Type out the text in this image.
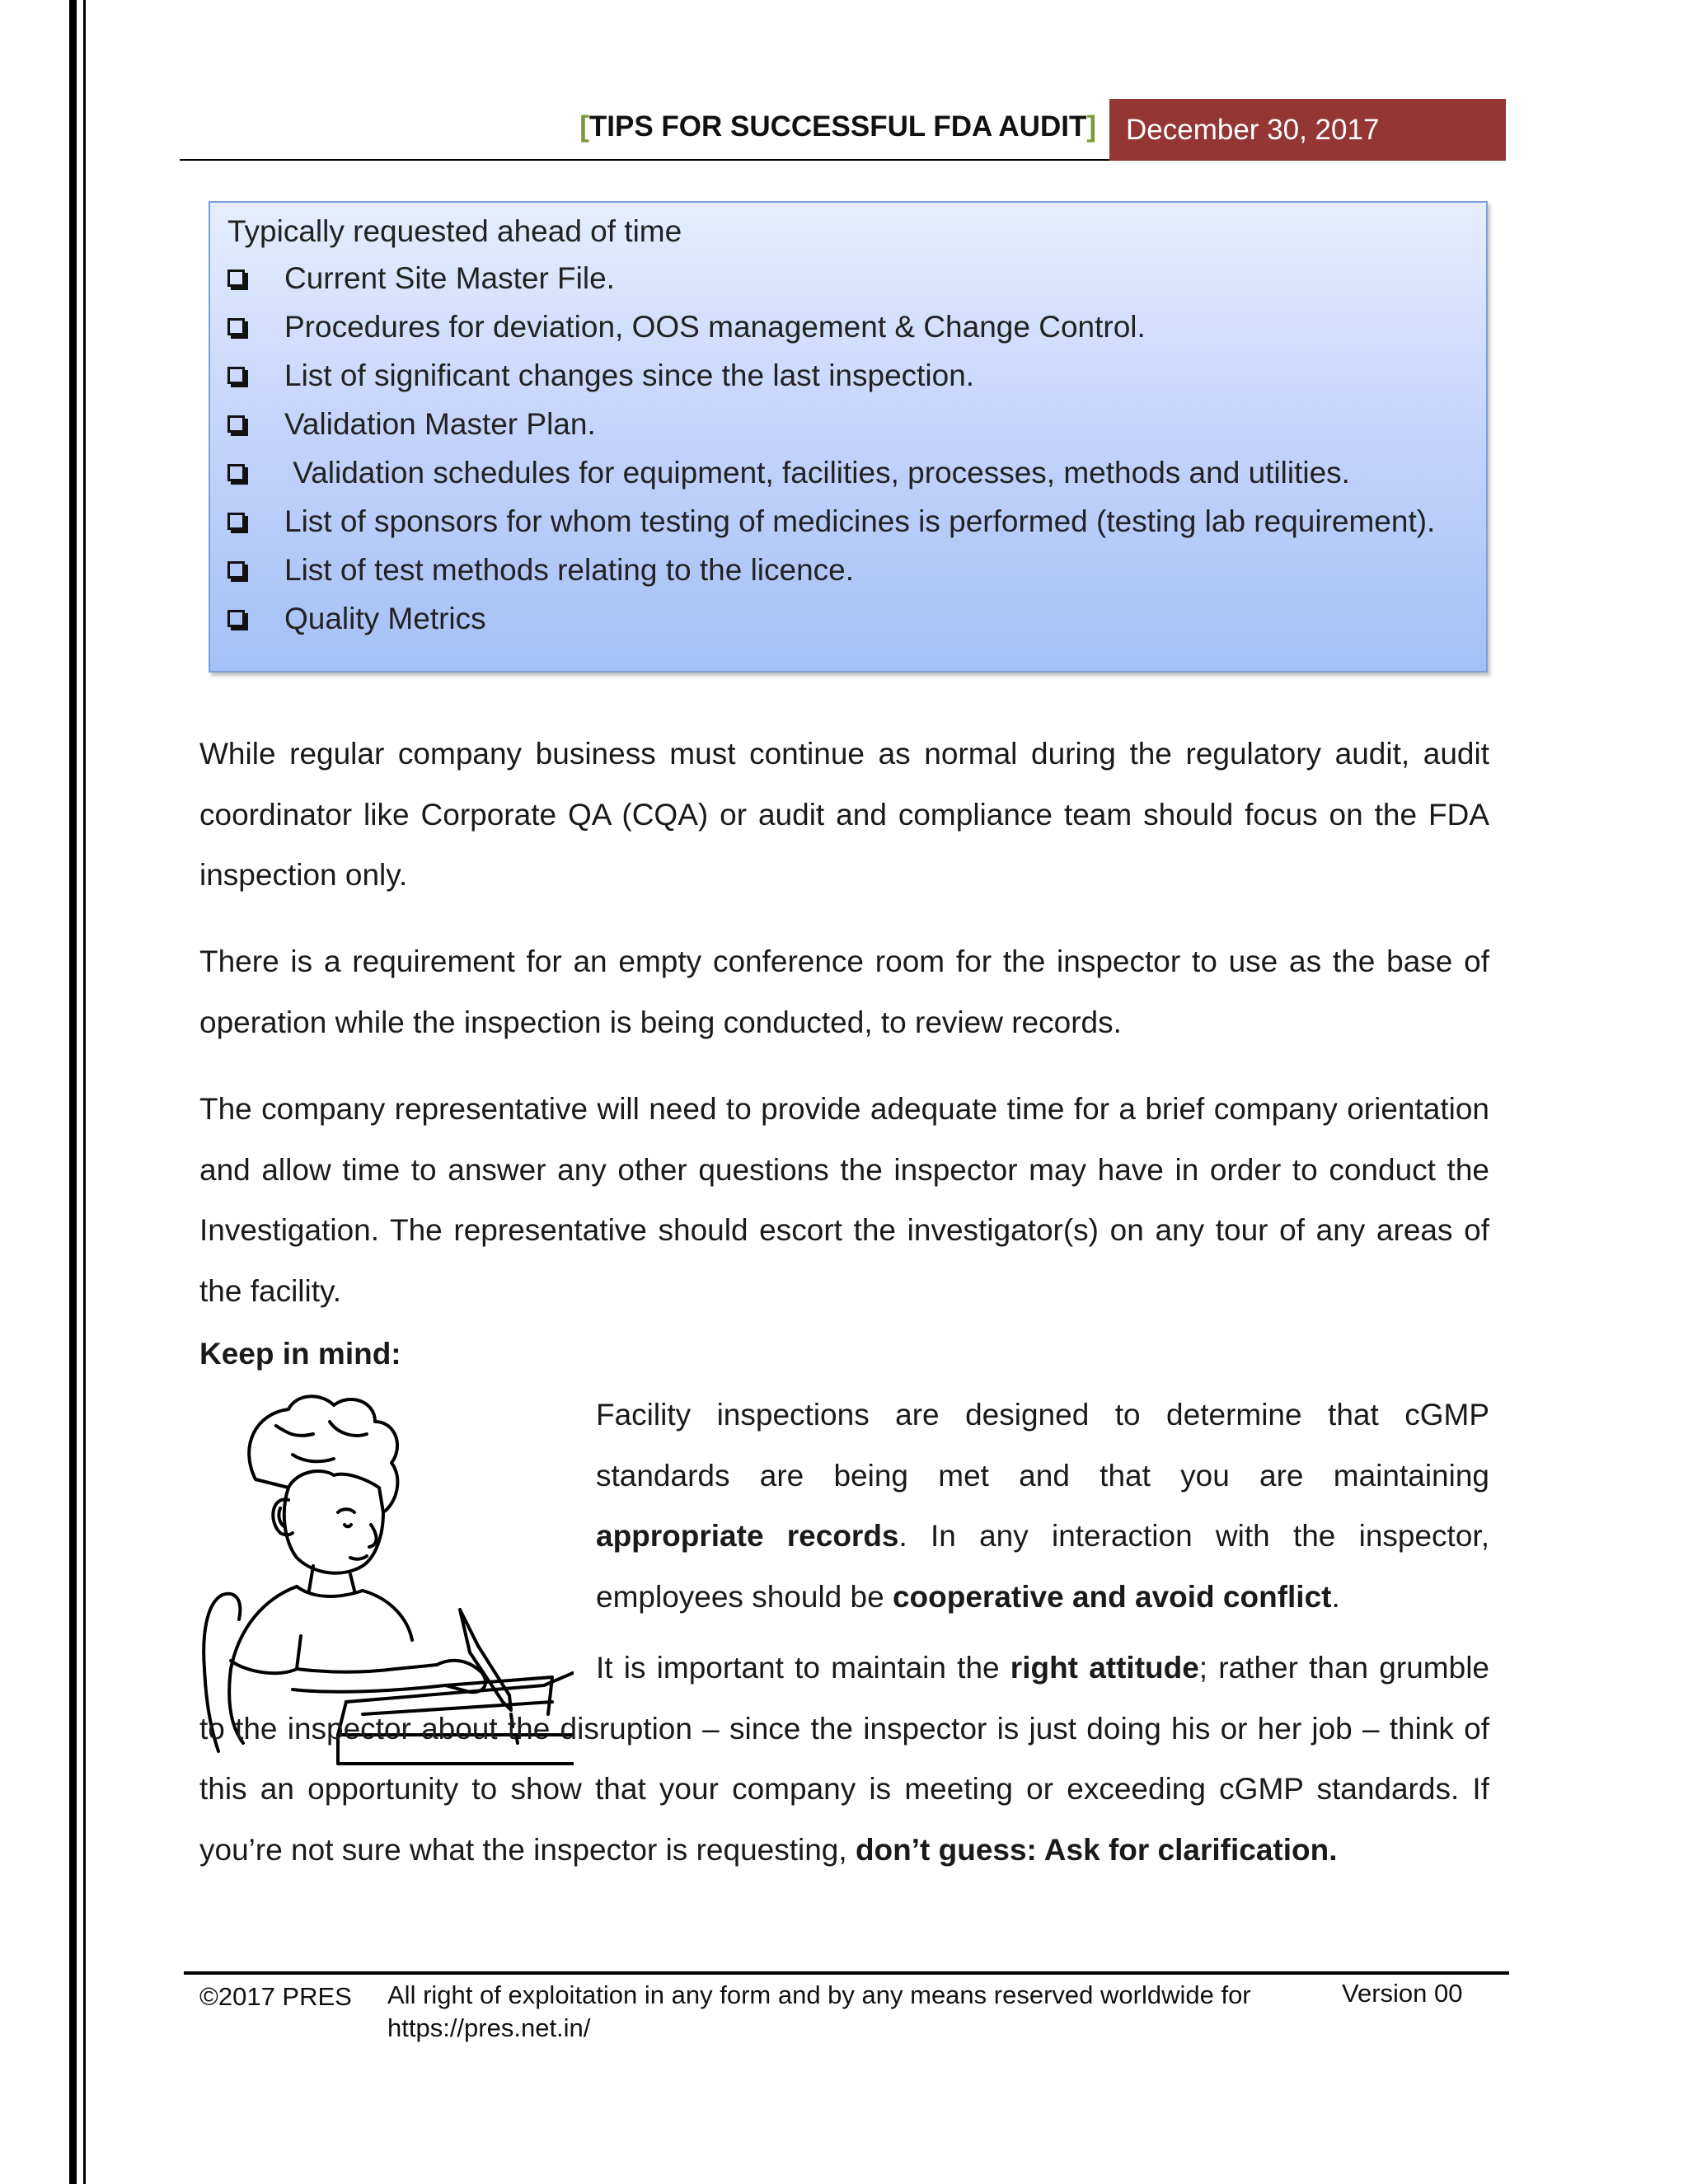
[TIPS FOR SUCCESSFUL FDA AUDIT] December 30, 2017

Typically requested ahead of time

Current Site Master File.
Procedures for deviation, OOS management & Change Control.
List of significant changes since the last inspection.
Validation Master Plan.
Validation schedules for equipment, facilities, processes, methods and utilities.
List of sponsors for whom testing of medicines is performed (testing lab requirement).
List of test methods relating to the licence.
Quality Metrics

While regular company business must continue as normal during the regulatory audit, audit coordinator like Corporate QA (CQA) or audit and compliance team should focus on the FDA inspection only.

There is a requirement for an empty conference room for the inspector to use as the base of operation while the inspection is being conducted, to review records.

The company representative will need to provide adequate time for a brief company orientation and allow time to answer any other questions the inspector may have in order to conduct the Investigation. The representative should escort the investigator(s) on any tour of any areas of the facility.

Keep in mind:

Facility inspections are designed to determine that cGMP standards are being met and that you are maintaining appropriate records. In any interaction with the inspector, employees should be cooperative and avoid conflict.

It is important to maintain the right attitude; rather than grumble to the inspector about the disruption – since the inspector is just doing his or her job – think of this an opportunity to show that your company is meeting or exceeding cGMP standards. If you’re not sure what the inspector is requesting, don’t guess: Ask for clarification.

©2017 PRES All right of exploitation in any form and by any means reserved worldwide for https://pres.net.in/
Version 00
